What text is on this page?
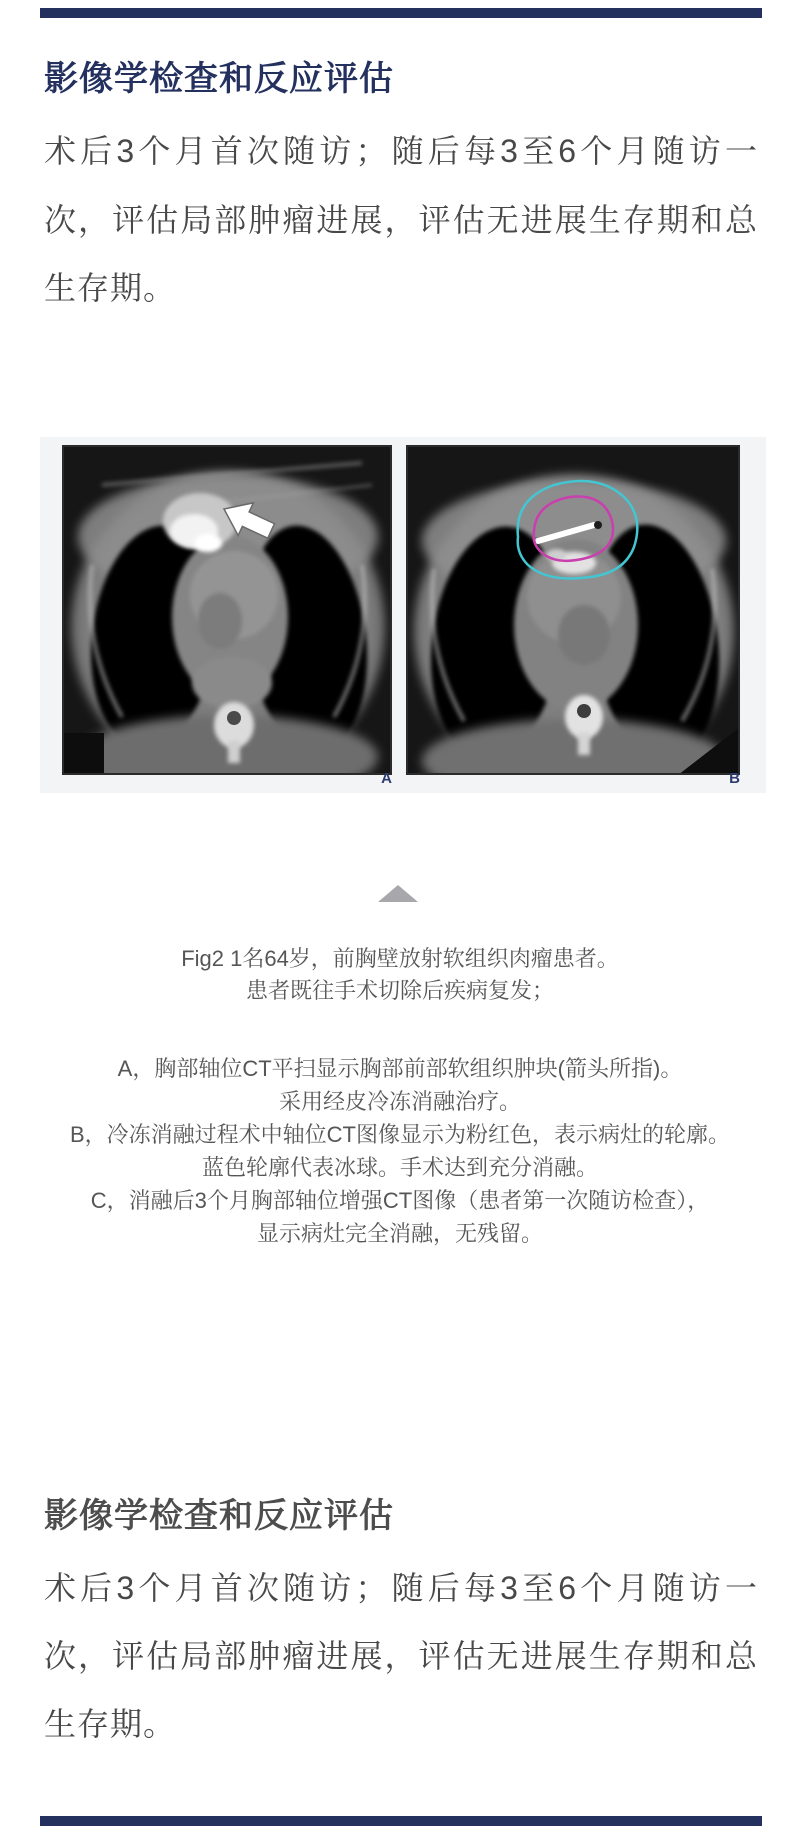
影像学检查和反应评估
术后3个月首次随访；随后每3至6个月随访一
次，评估局部肿瘤进展，评估无进展生存期和总
生存期。
A	B
Fig2 1名64岁，前胸壁放射软组织肉瘤患者。
患者既往手术切除后疾病复发；
A，胸部轴位CT平扫显示胸部前部软组织肿块(箭头所指)。
采用经皮冷冻消融治疗。
B，冷冻消融过程术中轴位CT图像显示为粉红色，表示病灶的轮廓。
蓝色轮廓代表冰球。手术达到充分消融。
C，消融后3个月胸部轴位增强CT图像（患者第一次随访检查），
显示病灶完全消融，无残留。
影像学检查和反应评估
术后3个月首次随访；随后每3至6个月随访一
次，评估局部肿瘤进展，评估无进展生存期和总
生存期。
